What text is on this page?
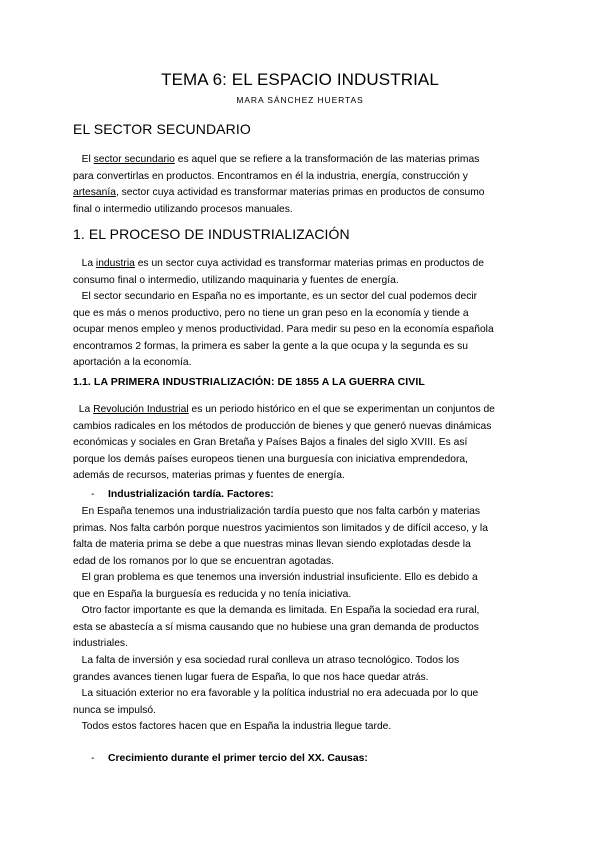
TEMA 6: EL ESPACIO INDUSTRIAL
MARA SÁNCHEZ HUERTAS
EL SECTOR SECUNDARIO
El sector secundario es aquel que se refiere a la transformación de las materias primas
para convertirlas en productos. Encontramos en él la industria, energía, construcción y
artesanía, sector cuya actividad es transformar materias primas en productos de consumo
final o intermedio utilizando procesos manuales.
1. EL PROCESO DE INDUSTRIALIZACIÓN
La industria es un sector cuya actividad es transformar materias primas en productos de
consumo final o intermedio, utilizando maquinaria y fuentes de energía.
El sector secundario en España no es importante, es un sector del cual podemos decir
que es más o menos productivo, pero no tiene un gran peso en la economía y tiende a
ocupar menos empleo y menos productividad. Para medir su peso en la economía española
encontramos 2 formas, la primera es saber la gente a la que ocupa y la segunda es su
aportación a la economía.
1.1. LA PRIMERA INDUSTRIALIZACIÓN: DE 1855 A LA GUERRA CIVIL
La Revolución Industrial es un periodo histórico en el que se experimentan un conjuntos de
cambios radicales en los métodos de producción de bienes y que generó nuevas dinámicas
económicas y sociales en Gran Bretaña y Países Bajos a finales del siglo XVIII. Es así
porque los demás países europeos tienen una burguesía con iniciativa emprendedora,
además de recursos, materias primas y fuentes de energía.
- Industrialización tardía. Factores:
En España tenemos una industrialización tardía puesto que nos falta carbón y materias
primas. Nos falta carbón porque nuestros yacimientos son limitados y de difícil acceso, y la
falta de materia prima se debe a que nuestras minas llevan siendo explotadas desde la
edad de los romanos por lo que se encuentran agotadas.
El gran problema es que tenemos una inversión industrial insuficiente. Ello es debido a
que en España la burguesía es reducida y no tenía iniciativa.
Otro factor importante es que la demanda es limitada. En España la sociedad era rural,
esta se abastecía a sí misma causando que no hubiese una gran demanda de productos
industriales.
La falta de inversión y esa sociedad rural conlleva un atraso tecnológico. Todos los
grandes avances tienen lugar fuera de España, lo que nos hace quedar atrás.
La situación exterior no era favorable y la política industrial no era adecuada por lo que
nunca se impulsó.
Todos estos factores hacen que en España la industria llegue tarde.
- Crecimiento durante el primer tercio del XX. Causas:
